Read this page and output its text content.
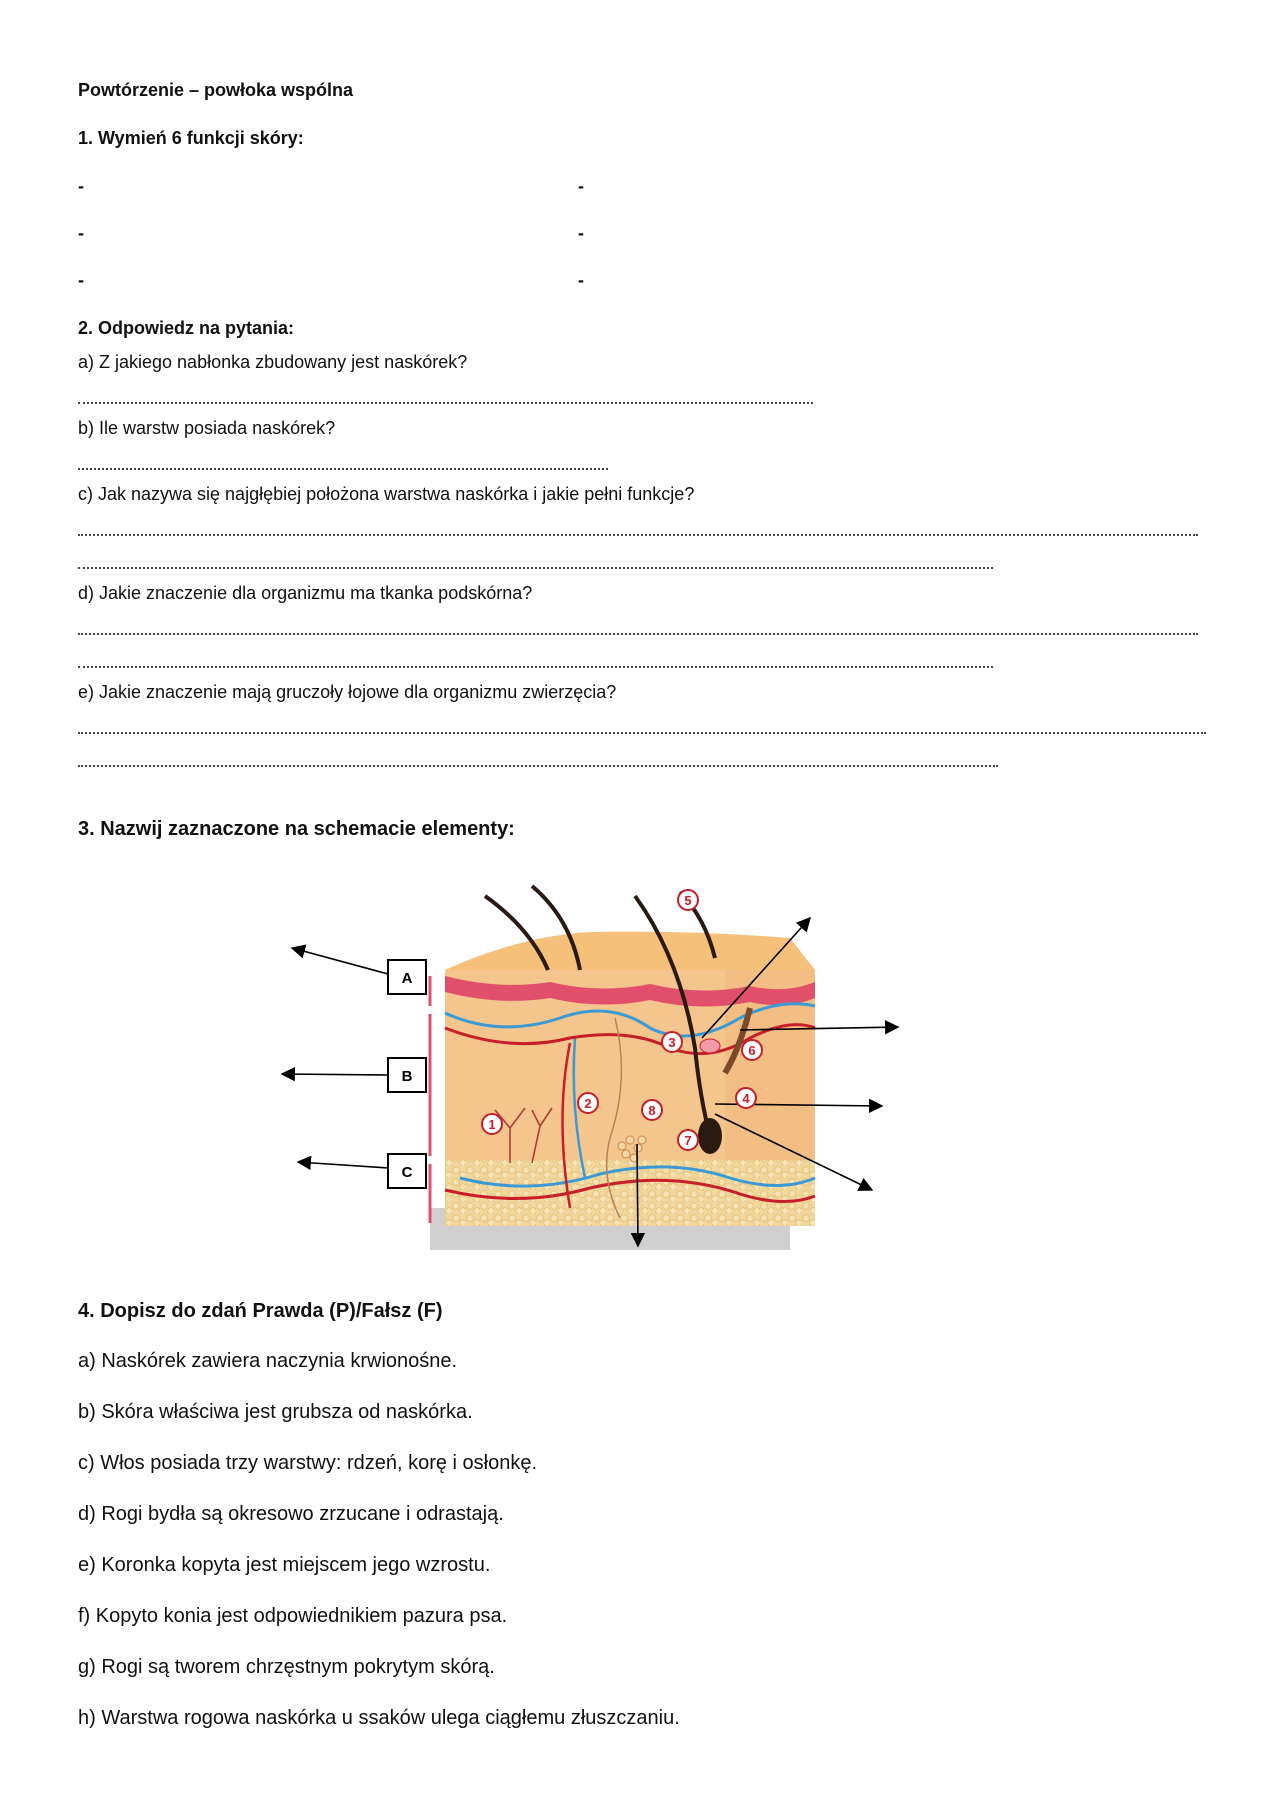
Powtórzenie – powłoka wspólna
1. Wymień 6 funkcji skóry:
-	-
-	-
-	-
2. Odpowiedz na pytania:
a) Z jakiego nabłonka zbudowany jest naskórek?
b) Ile warstw posiada naskórek?
c) Jak nazywa się najgłębiej położona warstwa naskórka i jakie pełni funkcje?
d) Jakie znaczenie dla organizmu ma tkanka podskórna?
e) Jakie znaczenie mają gruczoły łojowe dla organizmu zwierzęcia?
3. Nazwij zaznaczone na schemacie elementy:
A
B
C
1
2
3
4
5
6
7
8
4. Dopisz do zdań Prawda (P)/Fałsz (F)
a) Naskórek zawiera naczynia krwionośne.
b) Skóra właściwa jest grubsza od naskórka.
c) Włos posiada trzy warstwy: rdzeń, korę i osłonkę.
d) Rogi bydła są okresowo zrzucane i odrastają.
e) Koronka kopyta jest miejscem jego wzrostu.
f) Kopyto konia jest odpowiednikiem pazura psa.
g) Rogi są tworem chrzęstnym pokrytym skórą.
h) Warstwa rogowa naskórka u ssaków ulega ciągłemu złuszczaniu.
